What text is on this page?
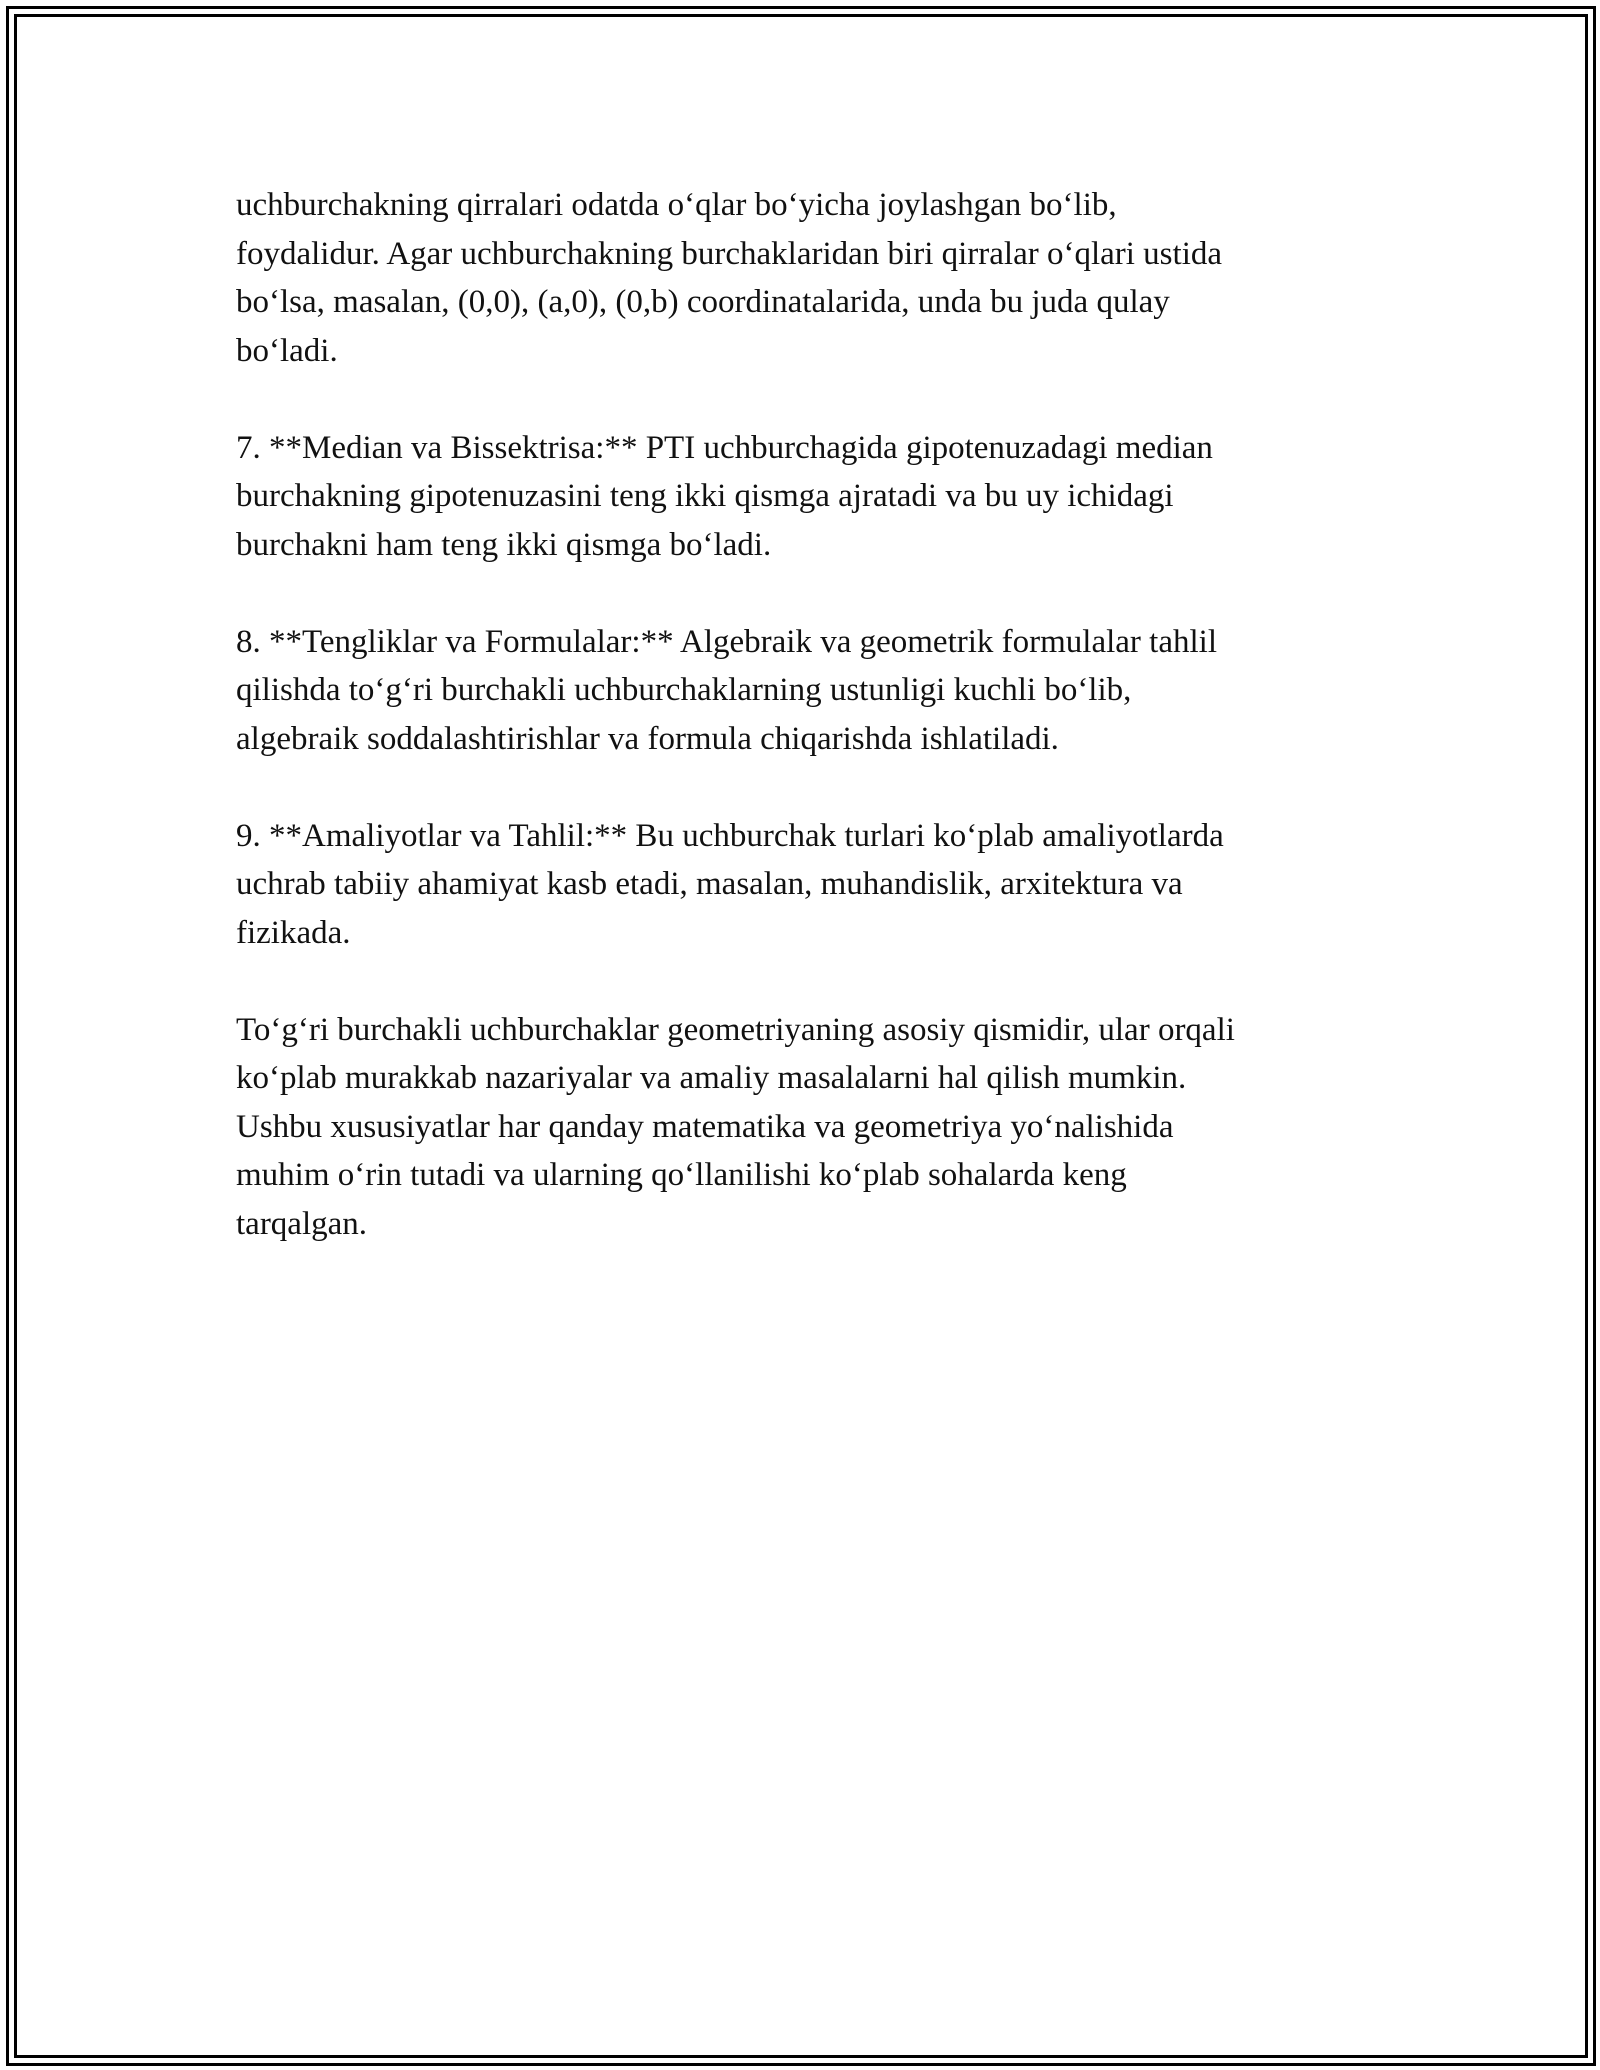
uchburchakning qirralari odatda o‘qlar bo‘yicha joylashgan bo‘lib,
foydalidur. Agar uchburchakning burchaklaridan biri qirralar o‘qlari ustida
bo‘lsa, masalan, (0,0), (a,0), (0,b) coordinatalarida, unda bu juda qulay
bo‘ladi.

7. **Median va Bissektrisa:** PTI uchburchagida gipotenuzadagi median
burchakning gipotenuzasini teng ikki qismga ajratadi va bu uy ichidagi
burchakni ham teng ikki qismga bo‘ladi.

8. **Tengliklar va Formulalar:** Algebraik va geometrik formulalar tahlil
qilishda to‘g‘ri burchakli uchburchaklarning ustunligi kuchli bo‘lib,
algebraik soddalashtirishlar va formula chiqarishda ishlatiladi.

9. **Amaliyotlar va Tahlil:** Bu uchburchak turlari ko‘plab amaliyotlarda
uchrab tabiiy ahamiyat kasb etadi, masalan, muhandislik, arxitektura va
fizikada.

To‘g‘ri burchakli uchburchaklar geometriyaning asosiy qismidir, ular orqali
ko‘plab murakkab nazariyalar va amaliy masalalarni hal qilish mumkin.
Ushbu xususiyatlar har qanday matematika va geometriya yo‘nalishida
muhim o‘rin tutadi va ularning qo‘llanilishi ko‘plab sohalarda keng
tarqalgan.
